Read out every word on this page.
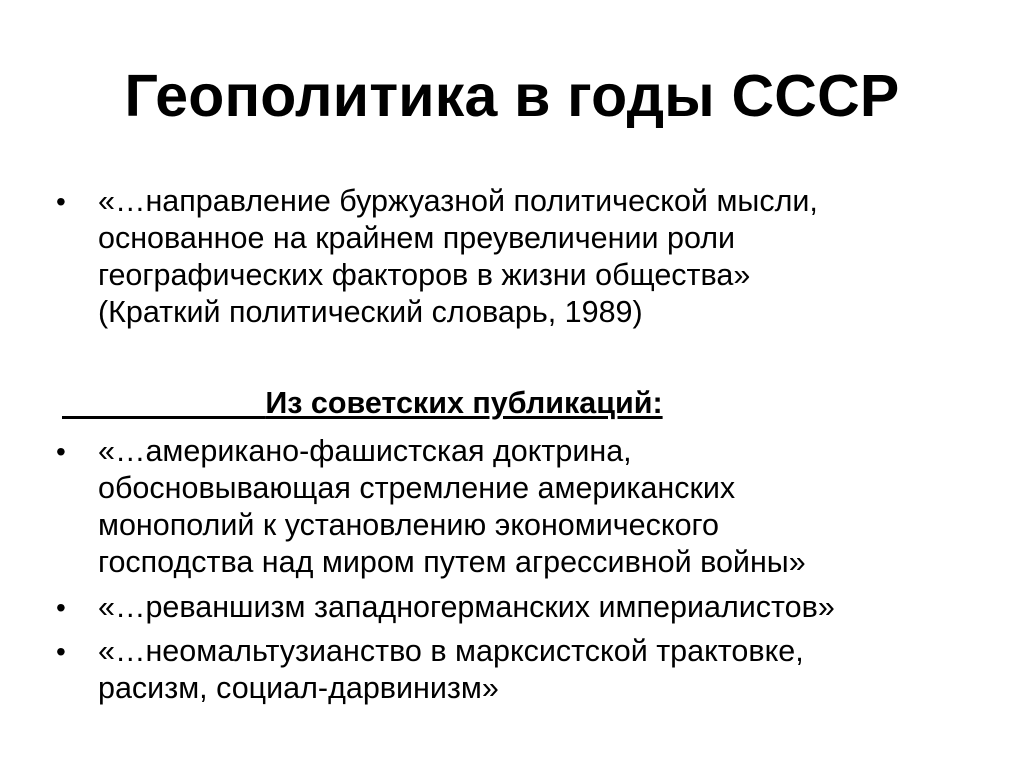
Геополитика в годы СССР
• «…направление буржуазной политической мысли,
основанное на крайнем преувеличении роли
географических факторов в жизни общества»
(Краткий политический словарь, 1989)
Из советских публикаций:
• «…американо-фашистская доктрина,
обосновывающая стремление американских
монополий к установлению экономического
господства над миром путем агрессивной войны»
• «…реваншизм западногерманских империалистов»
• «…неомальтузианство в марксистской трактовке,
расизм, социал-дарвинизм»
